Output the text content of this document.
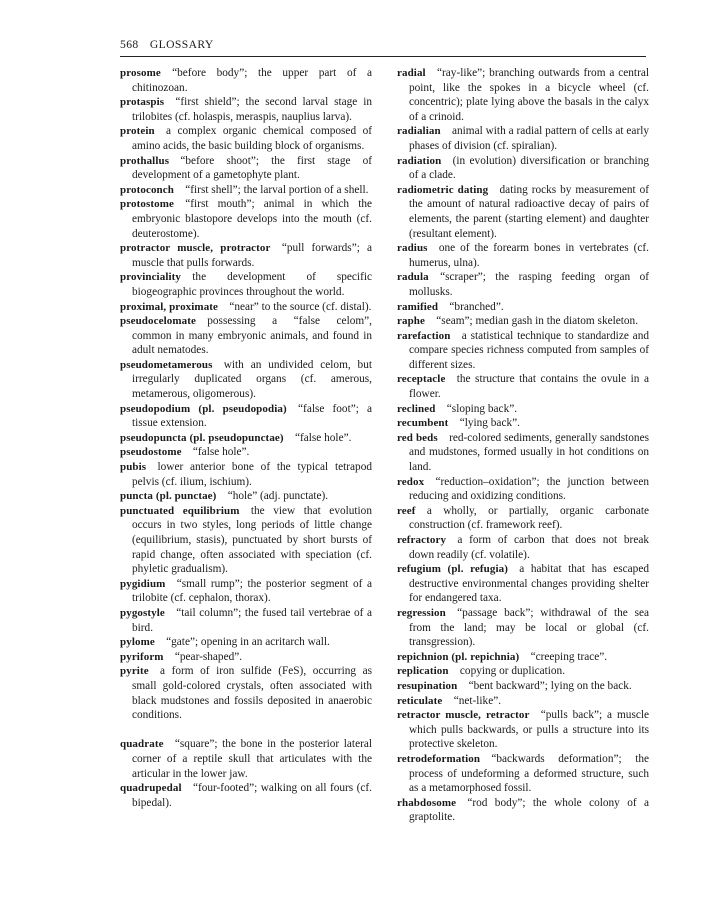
568 GLOSSARY
prosome  “before body”; the upper part of a chitinozoan.
protaspis  “first shield”; the second larval stage in trilobites (cf. holaspis, meraspis, nauplius larva).
protein  a complex organic chemical composed of amino acids, the basic building block of organisms.
prothallus  “before shoot”; the first stage of development of a gametophyte plant.
protoconch  “first shell”; the larval portion of a shell.
protostome  “first mouth”; animal in which the embryonic blastopore develops into the mouth (cf. deuterostome).
protractor muscle, protractor  “pull forwards”; a muscle that pulls forwards.
provinciality  the development of specific biogeographic provinces throughout the world.
proximal, proximate  “near” to the source (cf. distal).
pseudocelomate  possessing a “false celom”, common in many embryonic animals, and found in adult nematodes.
pseudometamerous  with an undivided celom, but irregularly duplicated organs (cf. amerous, metamerous, oligomerous).
pseudopodium (pl. pseudopodia)  “false foot”; a tissue extension.
pseudopuncta (pl. pseudopunctae)  “false hole”.
pseudostome  “false hole”.
pubis  lower anterior bone of the typical tetrapod pelvis (cf. ilium, ischium).
puncta (pl. punctae)  “hole” (adj. punctate).
punctuated equilibrium  the view that evolution occurs in two styles, long periods of little change (equilibrium, stasis), punctuated by short bursts of rapid change, often associated with speciation (cf. phyletic gradualism).
pygidium  “small rump”; the posterior segment of a trilobite (cf. cephalon, thorax).
pygostyle  “tail column”; the fused tail vertebrae of a bird.
pylome  “gate”; opening in an acritarch wall.
pyriform  “pear-shaped”.
pyrite  a form of iron sulfide (FeS), occurring as small gold-colored crystals, often associated with black mudstones and fossils deposited in anaerobic conditions.
quadrate  “square”; the bone in the posterior lateral corner of a reptile skull that articulates with the articular in the lower jaw.
quadrupedal  “four-footed”; walking on all fours (cf. bipedal).
radial  “ray-like”; branching outwards from a central point, like the spokes in a bicycle wheel (cf. concentric); plate lying above the basals in the calyx of a crinoid.
radialian  animal with a radial pattern of cells at early phases of division (cf. spiralian).
radiation  (in evolution) diversification or branching of a clade.
radiometric dating  dating rocks by measurement of the amount of natural radioactive decay of pairs of elements, the parent (starting element) and daughter (resultant element).
radius  one of the forearm bones in vertebrates (cf. humerus, ulna).
radula  “scraper”; the rasping feeding organ of mollusks.
ramified  “branched”.
raphe  “seam”; median gash in the diatom skeleton.
rarefaction  a statistical technique to standardize and compare species richness computed from samples of different sizes.
receptacle  the structure that contains the ovule in a flower.
reclined  “sloping back”.
recumbent  “lying back”.
red beds  red-colored sediments, generally sandstones and mudstones, formed usually in hot conditions on land.
redox  “reduction–oxidation”; the junction between reducing and oxidizing conditions.
reef  a wholly, or partially, organic carbonate construction (cf. framework reef).
refractory  a form of carbon that does not break down readily (cf. volatile).
refugium (pl. refugia)  a habitat that has escaped destructive environmental changes providing shelter for endangered taxa.
regression  “passage back”; withdrawal of the sea from the land; may be local or global (cf. transgression).
repichnion (pl. repichnia)  “creeping trace”.
replication  copying or duplication.
resupination  “bent backward”; lying on the back.
reticulate  “net-like”.
retractor muscle, retractor  “pulls back”; a muscle which pulls backwards, or pulls a structure into its protective skeleton.
retrodeformation  “backwards deformation”; the process of undeforming a deformed structure, such as a metamorphosed fossil.
rhabdosome  “rod body”; the whole colony of a graptolite.
